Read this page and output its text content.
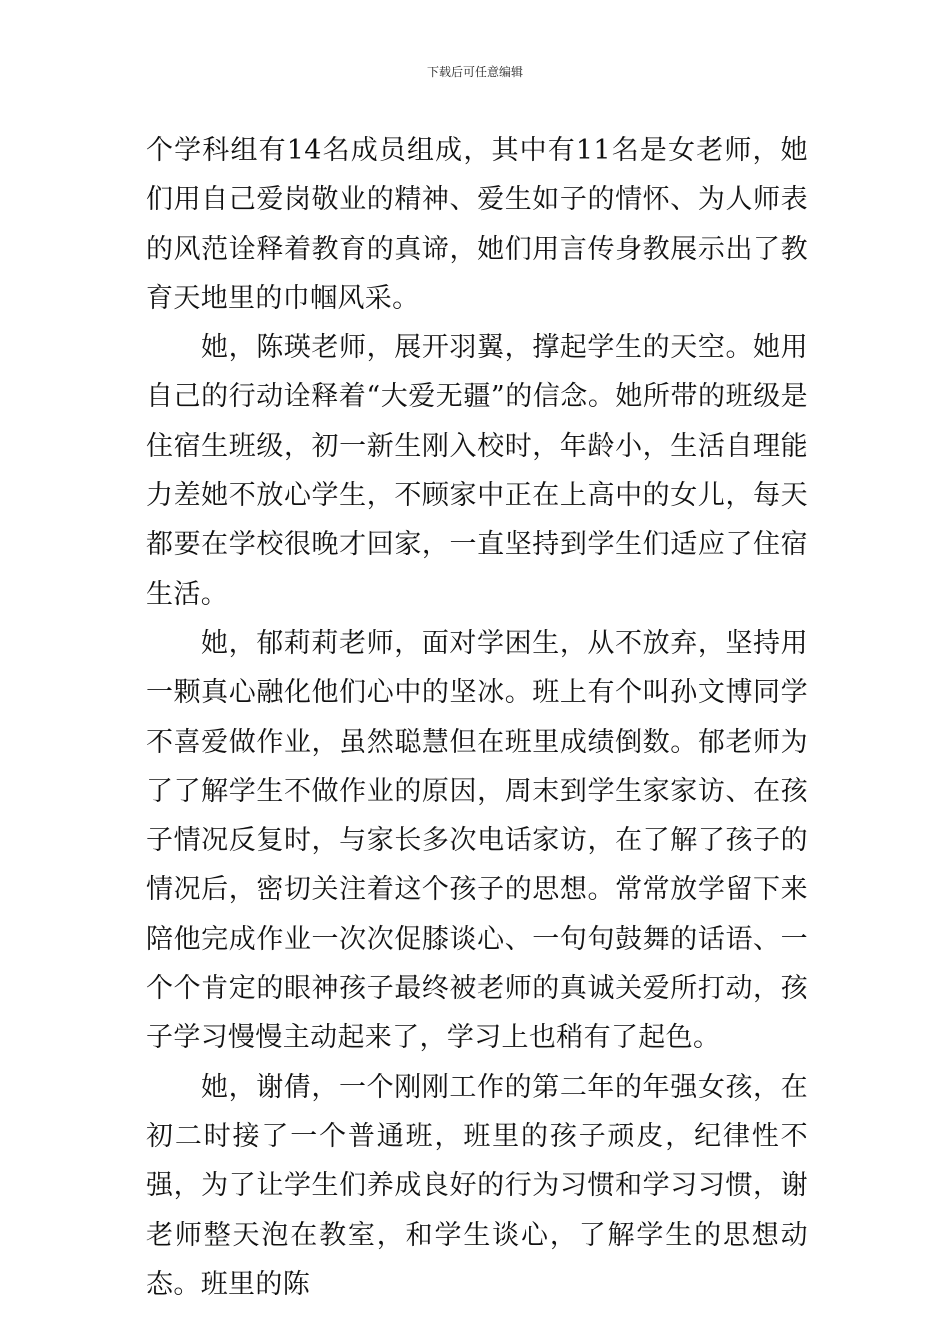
下载后可任意编辑

个学科组有14名成员组成，其中有11名是女老师，她们用自己爱岗敬业的精神、爱生如子的情怀、为人师表的风范诠释着教育的真谛，她们用言传身教展示出了教育天地里的巾帼风采。

她，陈瑛老师，展开羽翼，撑起学生的天空。她用自己的行动诠释着“大爱无疆”的信念。她所带的班级是住宿生班级，初一新生刚入校时，年龄小，生活自理能力差她不放心学生，不顾家中正在上高中的女儿，每天都要在学校很晚才回家，一直坚持到学生们适应了住宿生活。

她，郁莉莉老师，面对学困生，从不放弃，坚持用一颗真心融化他们心中的坚冰。班上有个叫孙文博同学不喜爱做作业，虽然聪慧但在班里成绩倒数。郁老师为了了解学生不做作业的原因，周末到学生家家访、在孩子情况反复时，与家长多次电话家访，在了解了孩子的情况后，密切关注着这个孩子的思想。常常放学留下来陪他完成作业一次次促膝谈心、一句句鼓舞的话语、一个个肯定的眼神孩子最终被老师的真诚关爱所打动，孩子学习慢慢主动起来了，学习上也稍有了起色。

她，谢倩，一个刚刚工作的第二年的年强女孩，在初二时接了一个普通班，班里的孩子顽皮，纪律性不强，为了让学生们养成良好的行为习惯和学习习惯，谢老师整天泡在教室，和学生谈心，了解学生的思想动态。班里的陈
